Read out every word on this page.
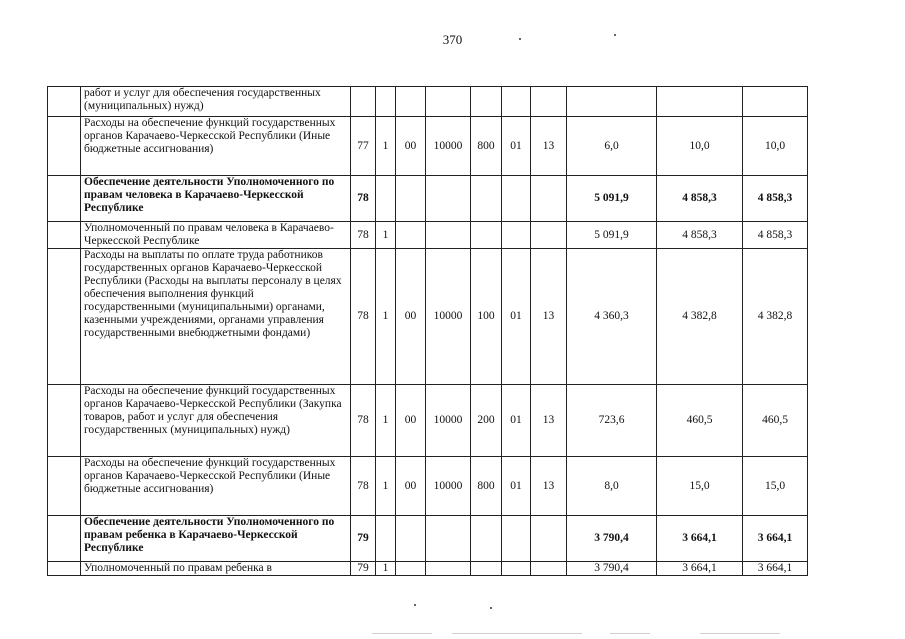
370
	работ и услуг для обеспечения государственных (муниципальных) нужд)										
	Расходы на обеспечение функций государственных органов Карачаево-Черкесской Республики (Иные бюджетные ассигнования)	77	1	00	10000	800	01	13	6,0	10,0	10,0
	Обеспечение деятельности Уполномоченного по правам человека в Карачаево-Черкесской Республике	78							5 091,9	4 858,3	4 858,3
	Уполномоченный по правам человека в Карачаево-Черкесской Республике	78	1						5 091,9	4 858,3	4 858,3
	Расходы на выплаты по оплате труда работников государственных органов Карачаево-Черкесской Республики (Расходы на выплаты персоналу в целях обеспечения выполнения функций государственными (муниципальными) органами, казенными учреждениями, органами управления государственными внебюджетными фондами)	78	1	00	10000	100	01	13	4 360,3	4 382,8	4 382,8
	Расходы на обеспечение функций государственных органов Карачаево-Черкесской Республики (Закупка товаров, работ и услуг для обеспечения государственных (муниципальных) нужд)	78	1	00	10000	200	01	13	723,6	460,5	460,5
	Расходы на обеспечение функций государственных органов Карачаево-Черкесской Республики (Иные бюджетные ассигнования)	78	1	00	10000	800	01	13	8,0	15,0	15,0
	Обеспечение деятельности Уполномоченного по правам ребенка в Карачаево-Черкесской Республике	79							3 790,4	3 664,1	3 664,1
	Уполномоченный по правам ребенка в	79	1						3 790,4	3 664,1	3 664,1
